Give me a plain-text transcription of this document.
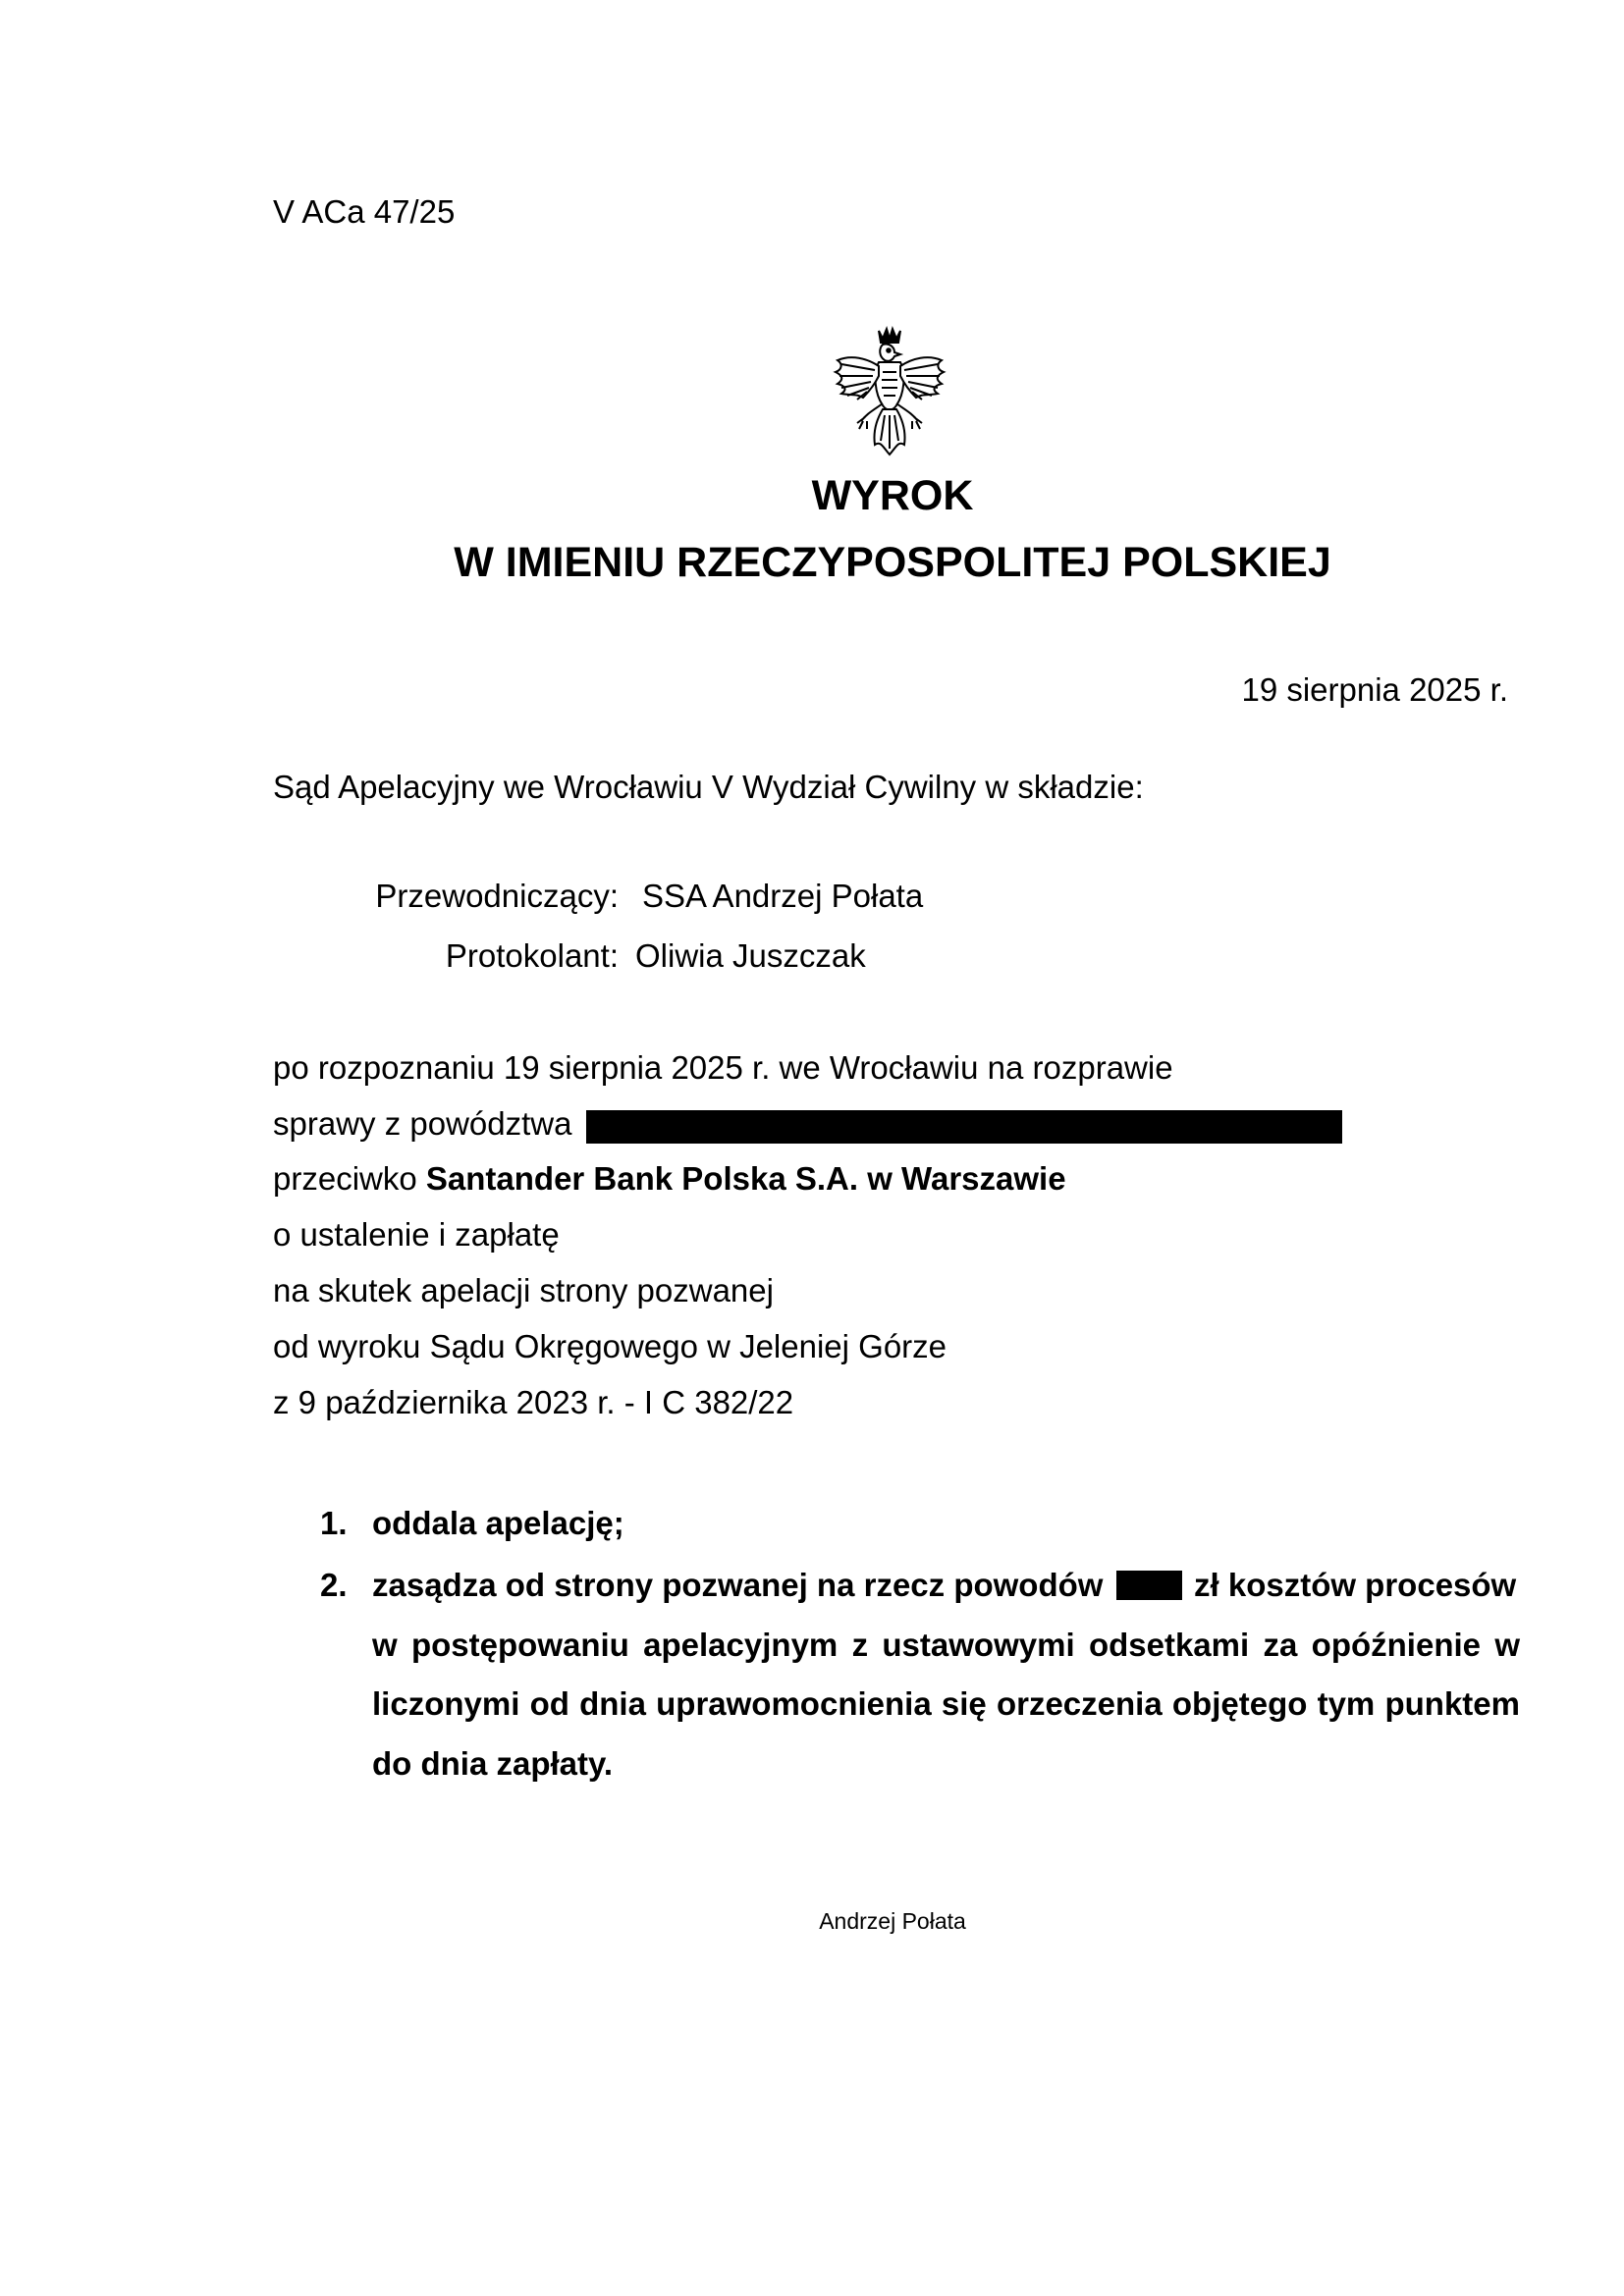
V ACa 47/25
WYROK
W IMIENIU RZECZYPOSPOLITEJ POLSKIEJ
19 sierpnia 2025 r.
Sąd Apelacyjny we Wrocławiu V Wydział Cywilny w składzie:
Przewodniczący: SSA Andrzej Połata
Protokolant: Oliwia Juszczak
po rozpoznaniu 19 sierpnia 2025 r. we Wrocławiu na rozprawie
sprawy z powództwa
przeciwko Santander Bank Polska S.A. w Warszawie
o ustalenie i zapłatę
na skutek apelacji strony pozwanej
od wyroku Sądu Okręgowego w Jeleniej Górze
z 9 października 2023 r. - I C 382/22
1. oddala apelację;
2. zasądza od strony pozwanej na rzecz powodów	zł kosztów procesów
w postępowaniu apelacyjnym z ustawowymi odsetkami za opóźnienie w
liczonymi od dnia uprawomocnienia się orzeczenia objętego tym punktem
do dnia zapłaty.
Andrzej Połata
